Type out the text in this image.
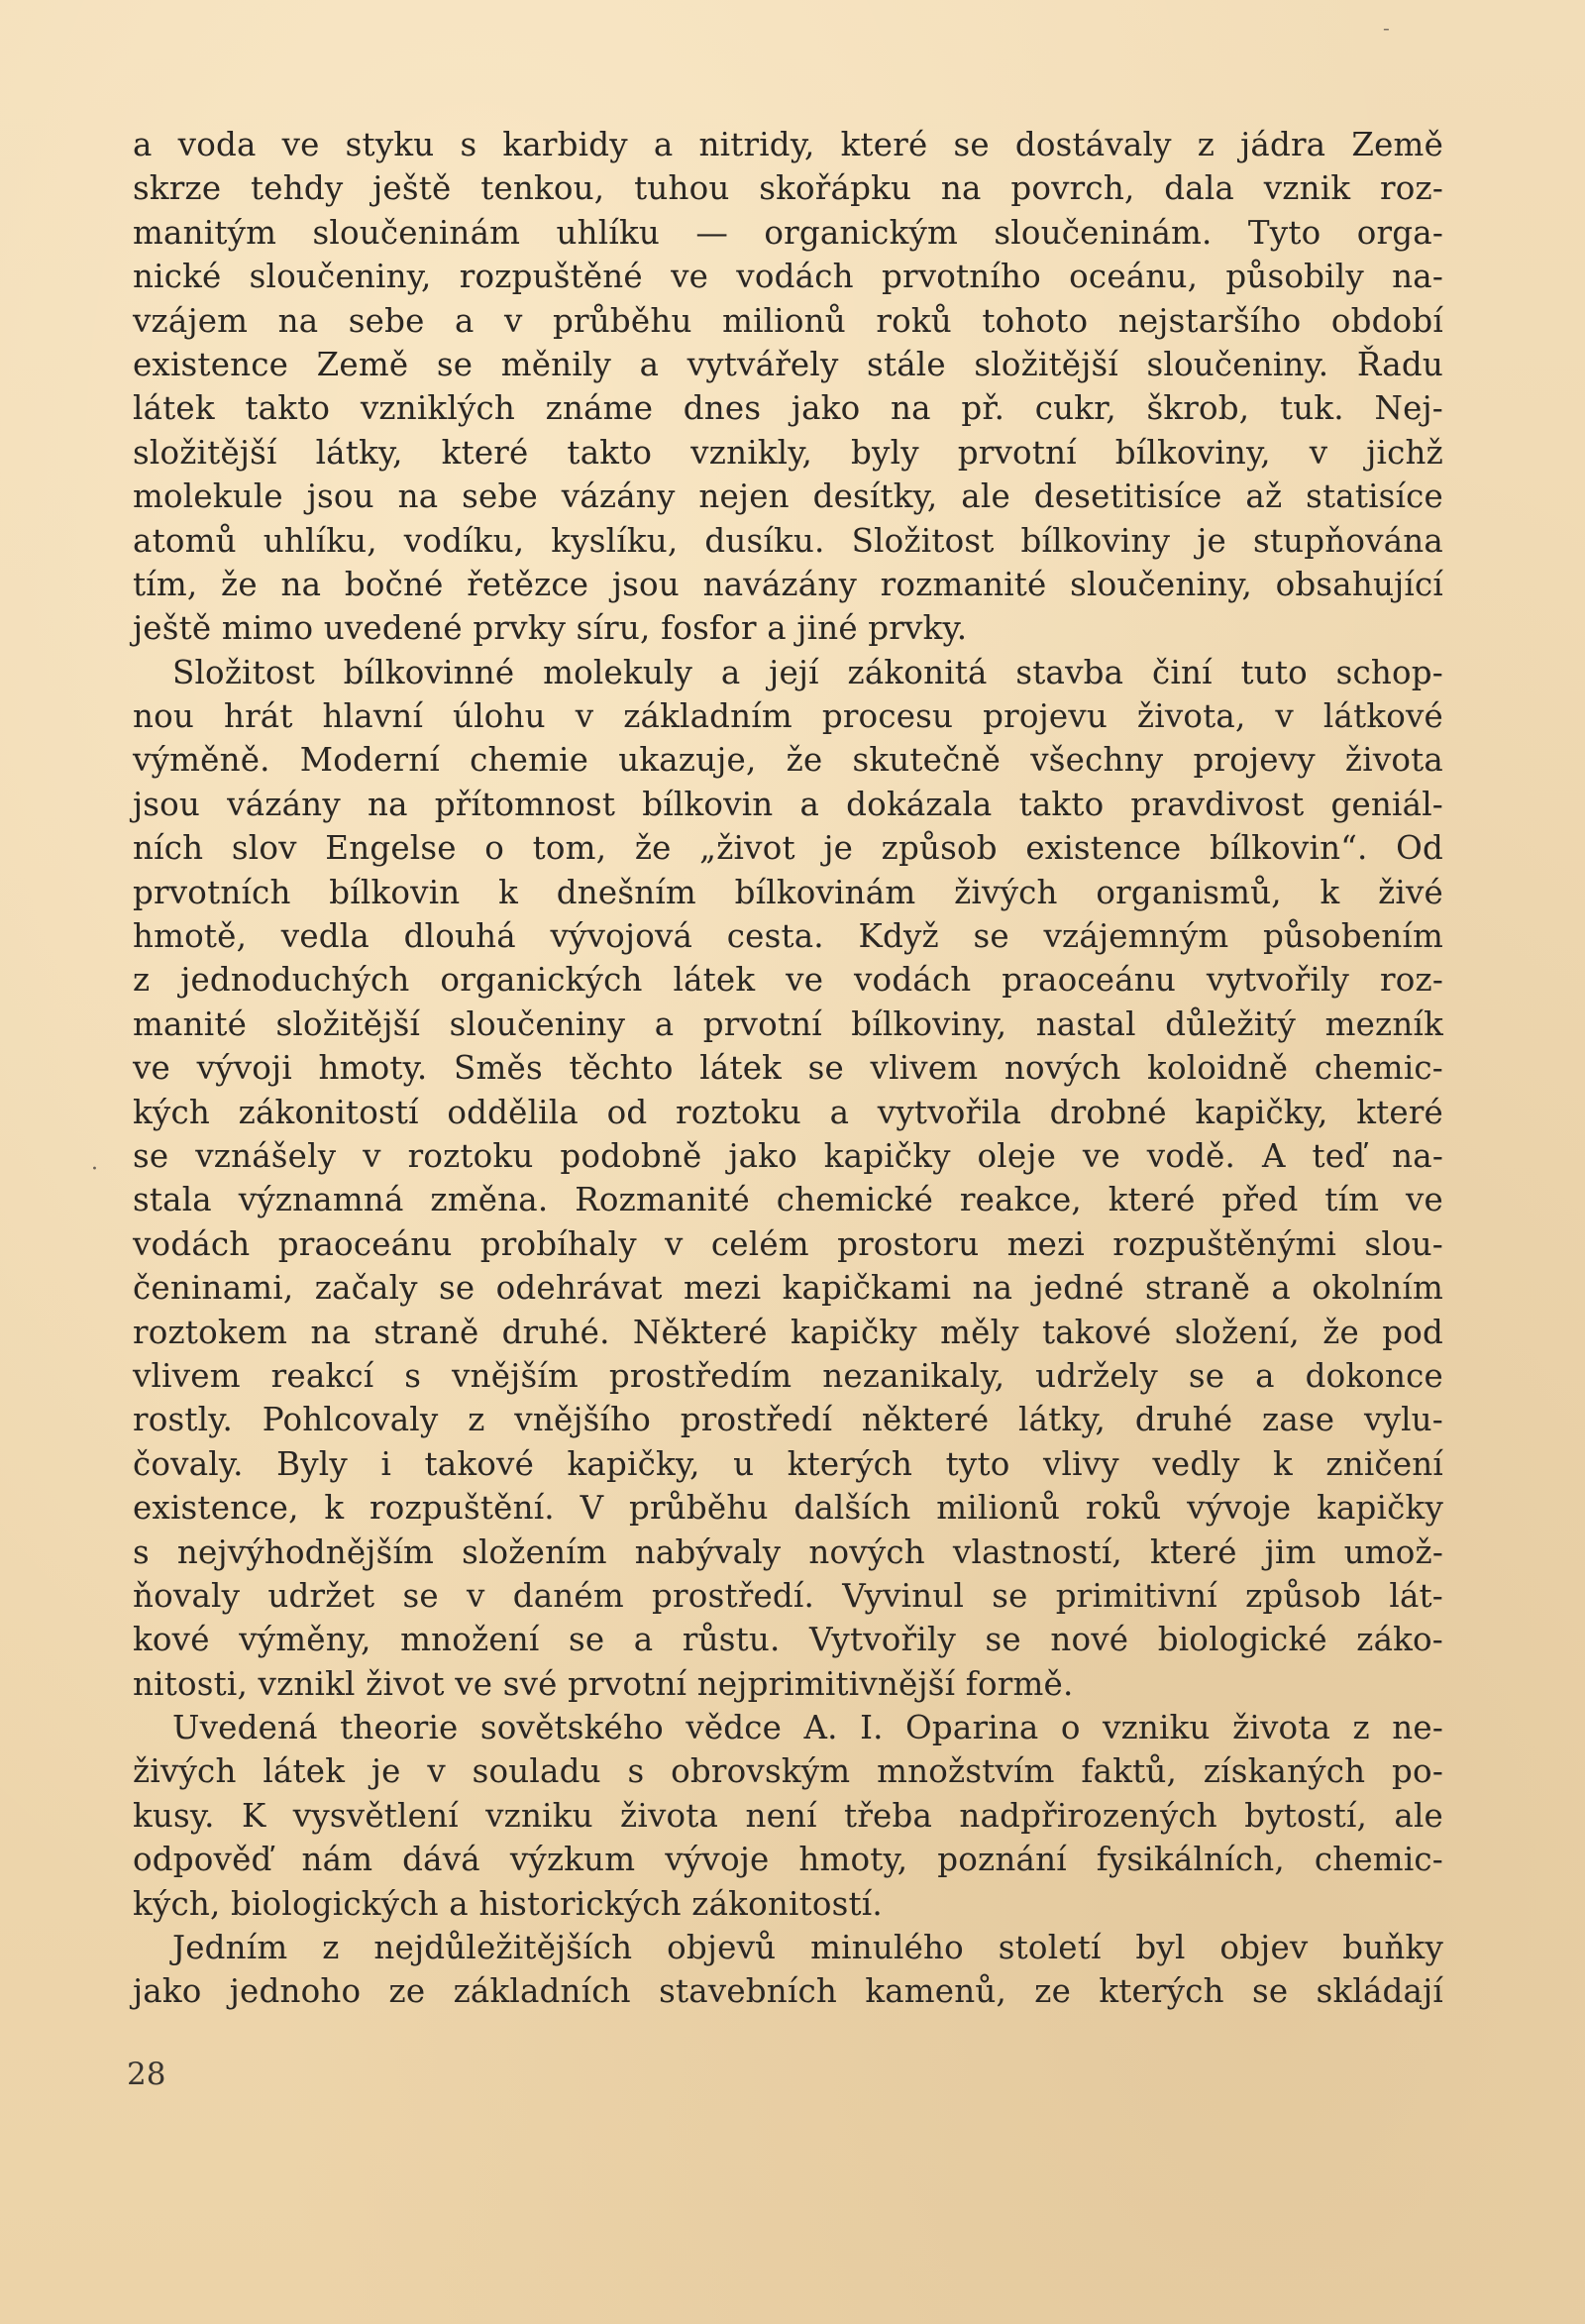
-
·
a voda ve styku s karbidy a nitridy, které se dostávaly z jádra Země
skrze tehdy ještě tenkou, tuhou skořápku na povrch, dala vznik roz-
manitým sloučeninám uhlíku — organickým sloučeninám. Tyto orga-
nické sloučeniny, rozpuštěné ve vodách prvotního oceánu, působily na-
vzájem na sebe a v průběhu milionů roků tohoto nejstaršího období
existence Země se měnily a vytvářely stále složitější sloučeniny. Řadu
látek takto vzniklých známe dnes jako na př. cukr, škrob, tuk. Nej-
složitější látky, které takto vznikly, byly prvotní bílkoviny, v jichž
molekule jsou na sebe vázány nejen desítky, ale desetitisíce až statisíce
atomů uhlíku, vodíku, kyslíku, dusíku. Složitost bílkoviny je stupňována
tím, že na bočné řetězce jsou navázány rozmanité sloučeniny, obsahující
ještě mimo uvedené prvky síru, fosfor a jiné prvky.
Složitost bílkovinné molekuly a její zákonitá stavba činí tuto schop-
nou hrát hlavní úlohu v základním procesu projevu života, v látkové
výměně. Moderní chemie ukazuje, že skutečně všechny projevy života
jsou vázány na přítomnost bílkovin a dokázala takto pravdivost geniál-
ních slov Engelse o tom, že „život je způsob existence bílkovin“. Od
prvotních bílkovin k dnešním bílkovinám živých organismů, k živé
hmotě, vedla dlouhá vývojová cesta. Když se vzájemným působením
z jednoduchých organických látek ve vodách praoceánu vytvořily roz-
manité složitější sloučeniny a prvotní bílkoviny, nastal důležitý mezník
ve vývoji hmoty. Směs těchto látek se vlivem nových koloidně chemic-
kých zákonitostí oddělila od roztoku a vytvořila drobné kapičky, které
se vznášely v roztoku podobně jako kapičky oleje ve vodě. A teď na-
stala významná změna. Rozmanité chemické reakce, které před tím ve
vodách praoceánu probíhaly v celém prostoru mezi rozpuštěnými slou-
čeninami, začaly se odehrávat mezi kapičkami na jedné straně a okolním
roztokem na straně druhé. Některé kapičky měly takové složení, že pod
vlivem reakcí s vnějším prostředím nezanikaly, udržely se a dokonce
rostly. Pohlcovaly z vnějšího prostředí některé látky, druhé zase vylu-
čovaly. Byly i takové kapičky, u kterých tyto vlivy vedly k zničení
existence, k rozpuštění. V průběhu dalších milionů roků vývoje kapičky
s nejvýhodnějším složením nabývaly nových vlastností, které jim umož-
ňovaly udržet se v daném prostředí. Vyvinul se primitivní způsob lát-
kové výměny, množení se a růstu. Vytvořily se nové biologické záko-
nitosti, vznikl život ve své prvotní nejprimitivnější formě.
Uvedená theorie sovětského vědce A. I. Oparina o vzniku života z ne-
živých látek je v souladu s obrovským množstvím faktů, získaných po-
kusy. K vysvětlení vzniku života není třeba nadpřirozených bytostí, ale
odpověď nám dává výzkum vývoje hmoty, poznání fysikálních, chemic-
kých, biologických a historických zákonitostí.
Jedním z nejdůležitějších objevů minulého století byl objev buňky
jako jednoho ze základních stavebních kamenů, ze kterých se skládají
28
